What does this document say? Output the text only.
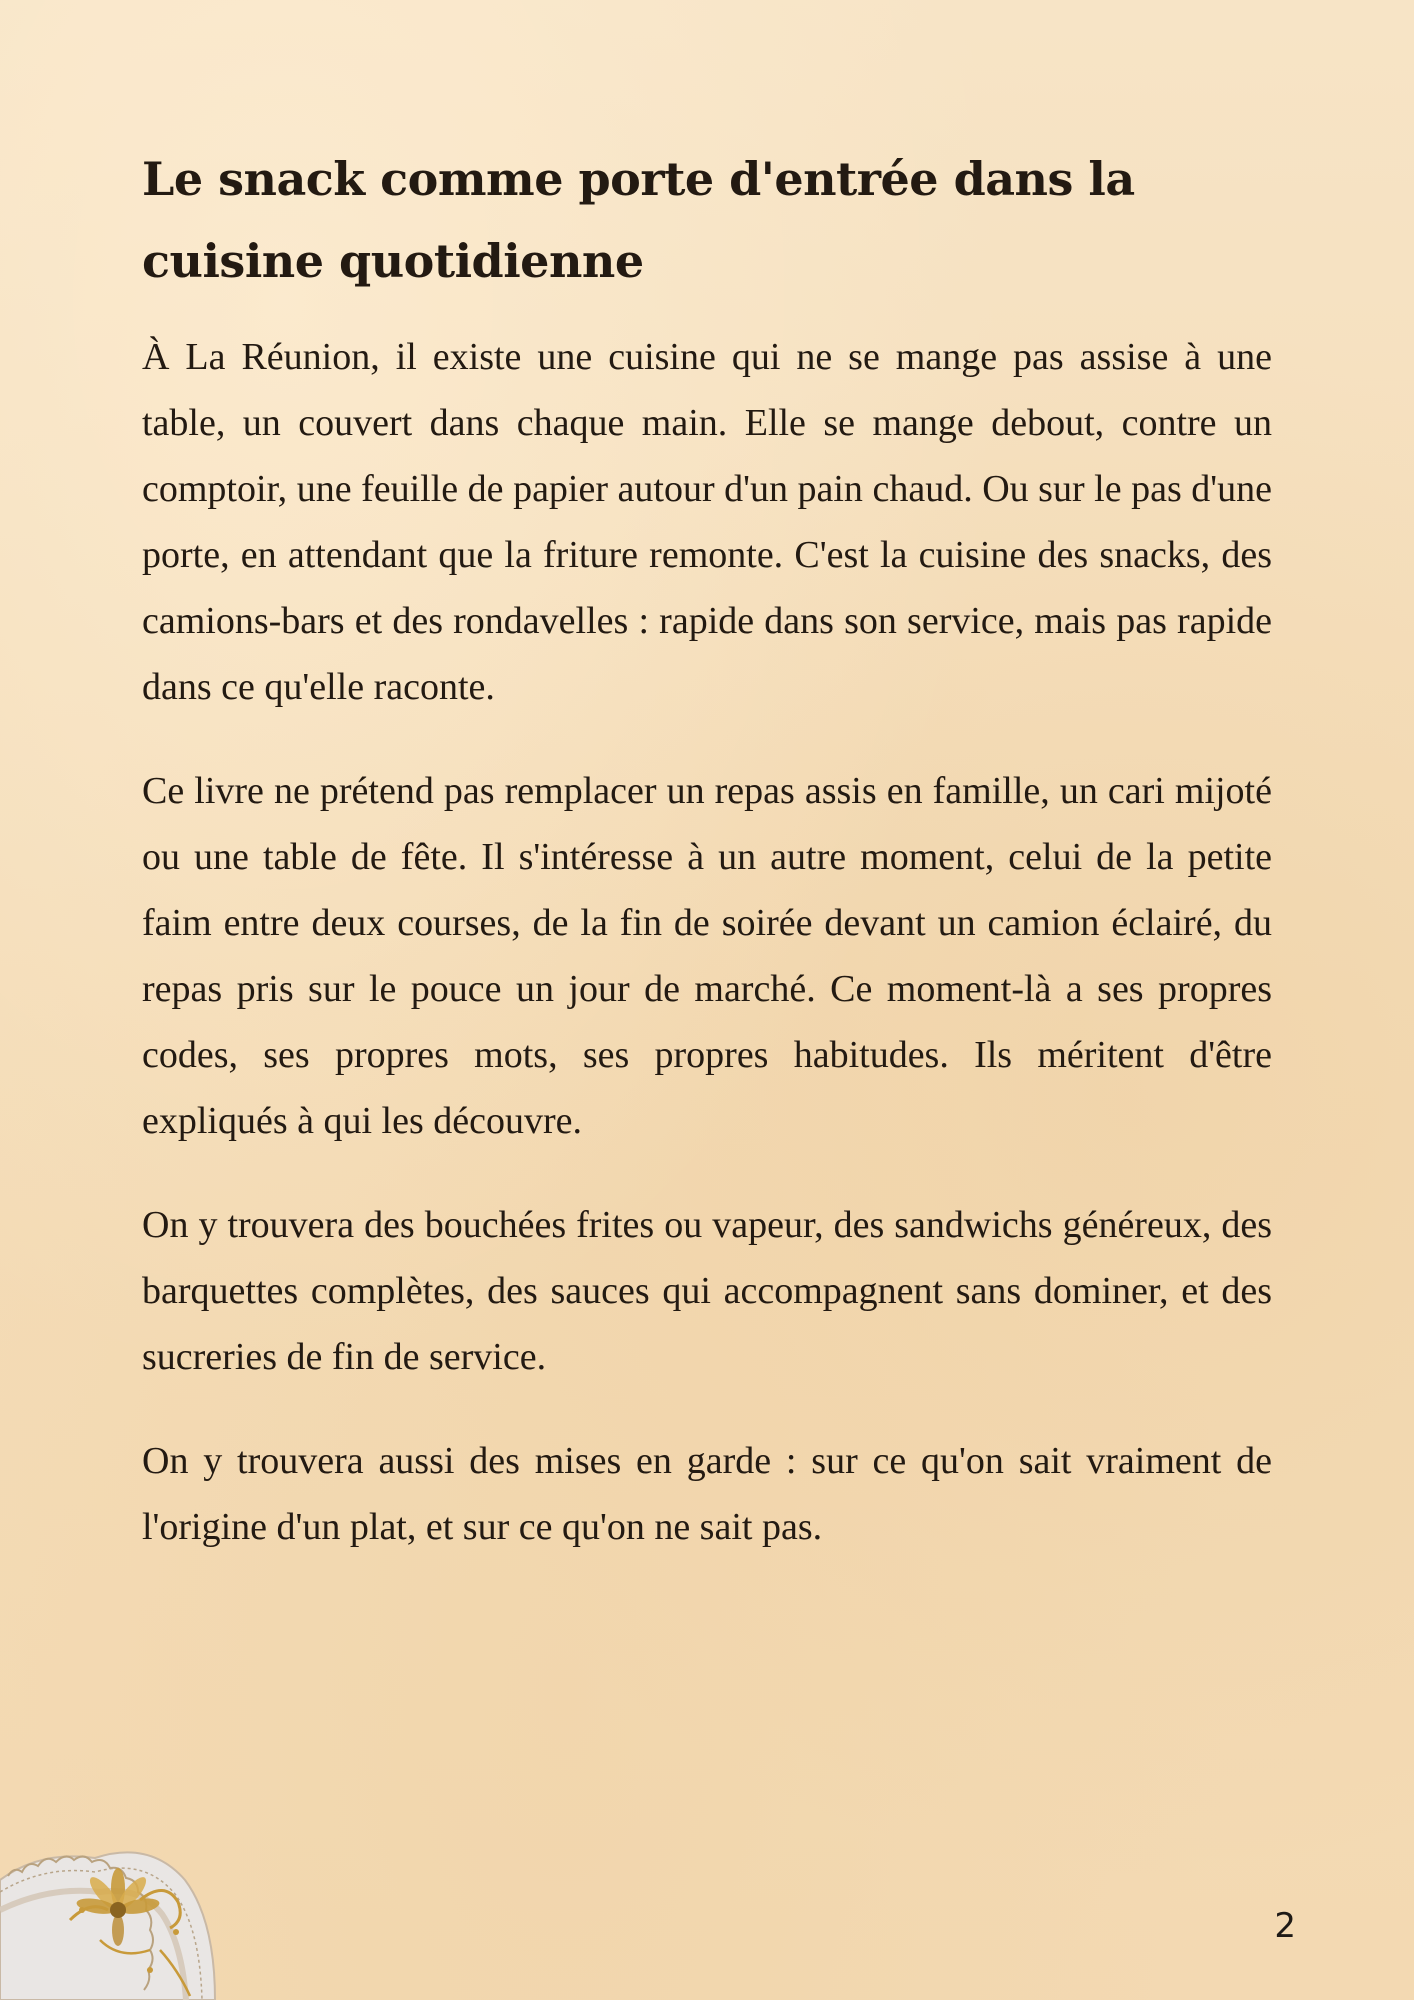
Le snack comme porte d'entrée dans la cuisine quotidienne

À La Réunion, il existe une cuisine qui ne se mange pas assise à une table, un couvert dans chaque main. Elle se mange debout, contre un comptoir, une feuille de papier autour d'un pain chaud. Ou sur le pas d'une porte, en attendant que la friture remonte. C'est la cuisine des snacks, des camions-bars et des rondavelles : rapide dans son service, mais pas rapide dans ce qu'elle raconte.

Ce livre ne prétend pas remplacer un repas assis en famille, un cari mijoté ou une table de fête. Il s'intéresse à un autre moment, celui de la petite faim entre deux courses, de la fin de soirée devant un camion éclairé, du repas pris sur le pouce un jour de marché. Ce moment-là a ses propres codes, ses propres mots, ses propres habitudes. Ils méritent d'être expliqués à qui les découvre.

On y trouvera des bouchées frites ou vapeur, des sandwichs généreux, des barquettes complètes, des sauces qui accompagnent sans dominer, et des sucreries de fin de service.

On y trouvera aussi des mises en garde : sur ce qu'on sait vraiment de l'origine d'un plat, et sur ce qu'on ne sait pas.

2
